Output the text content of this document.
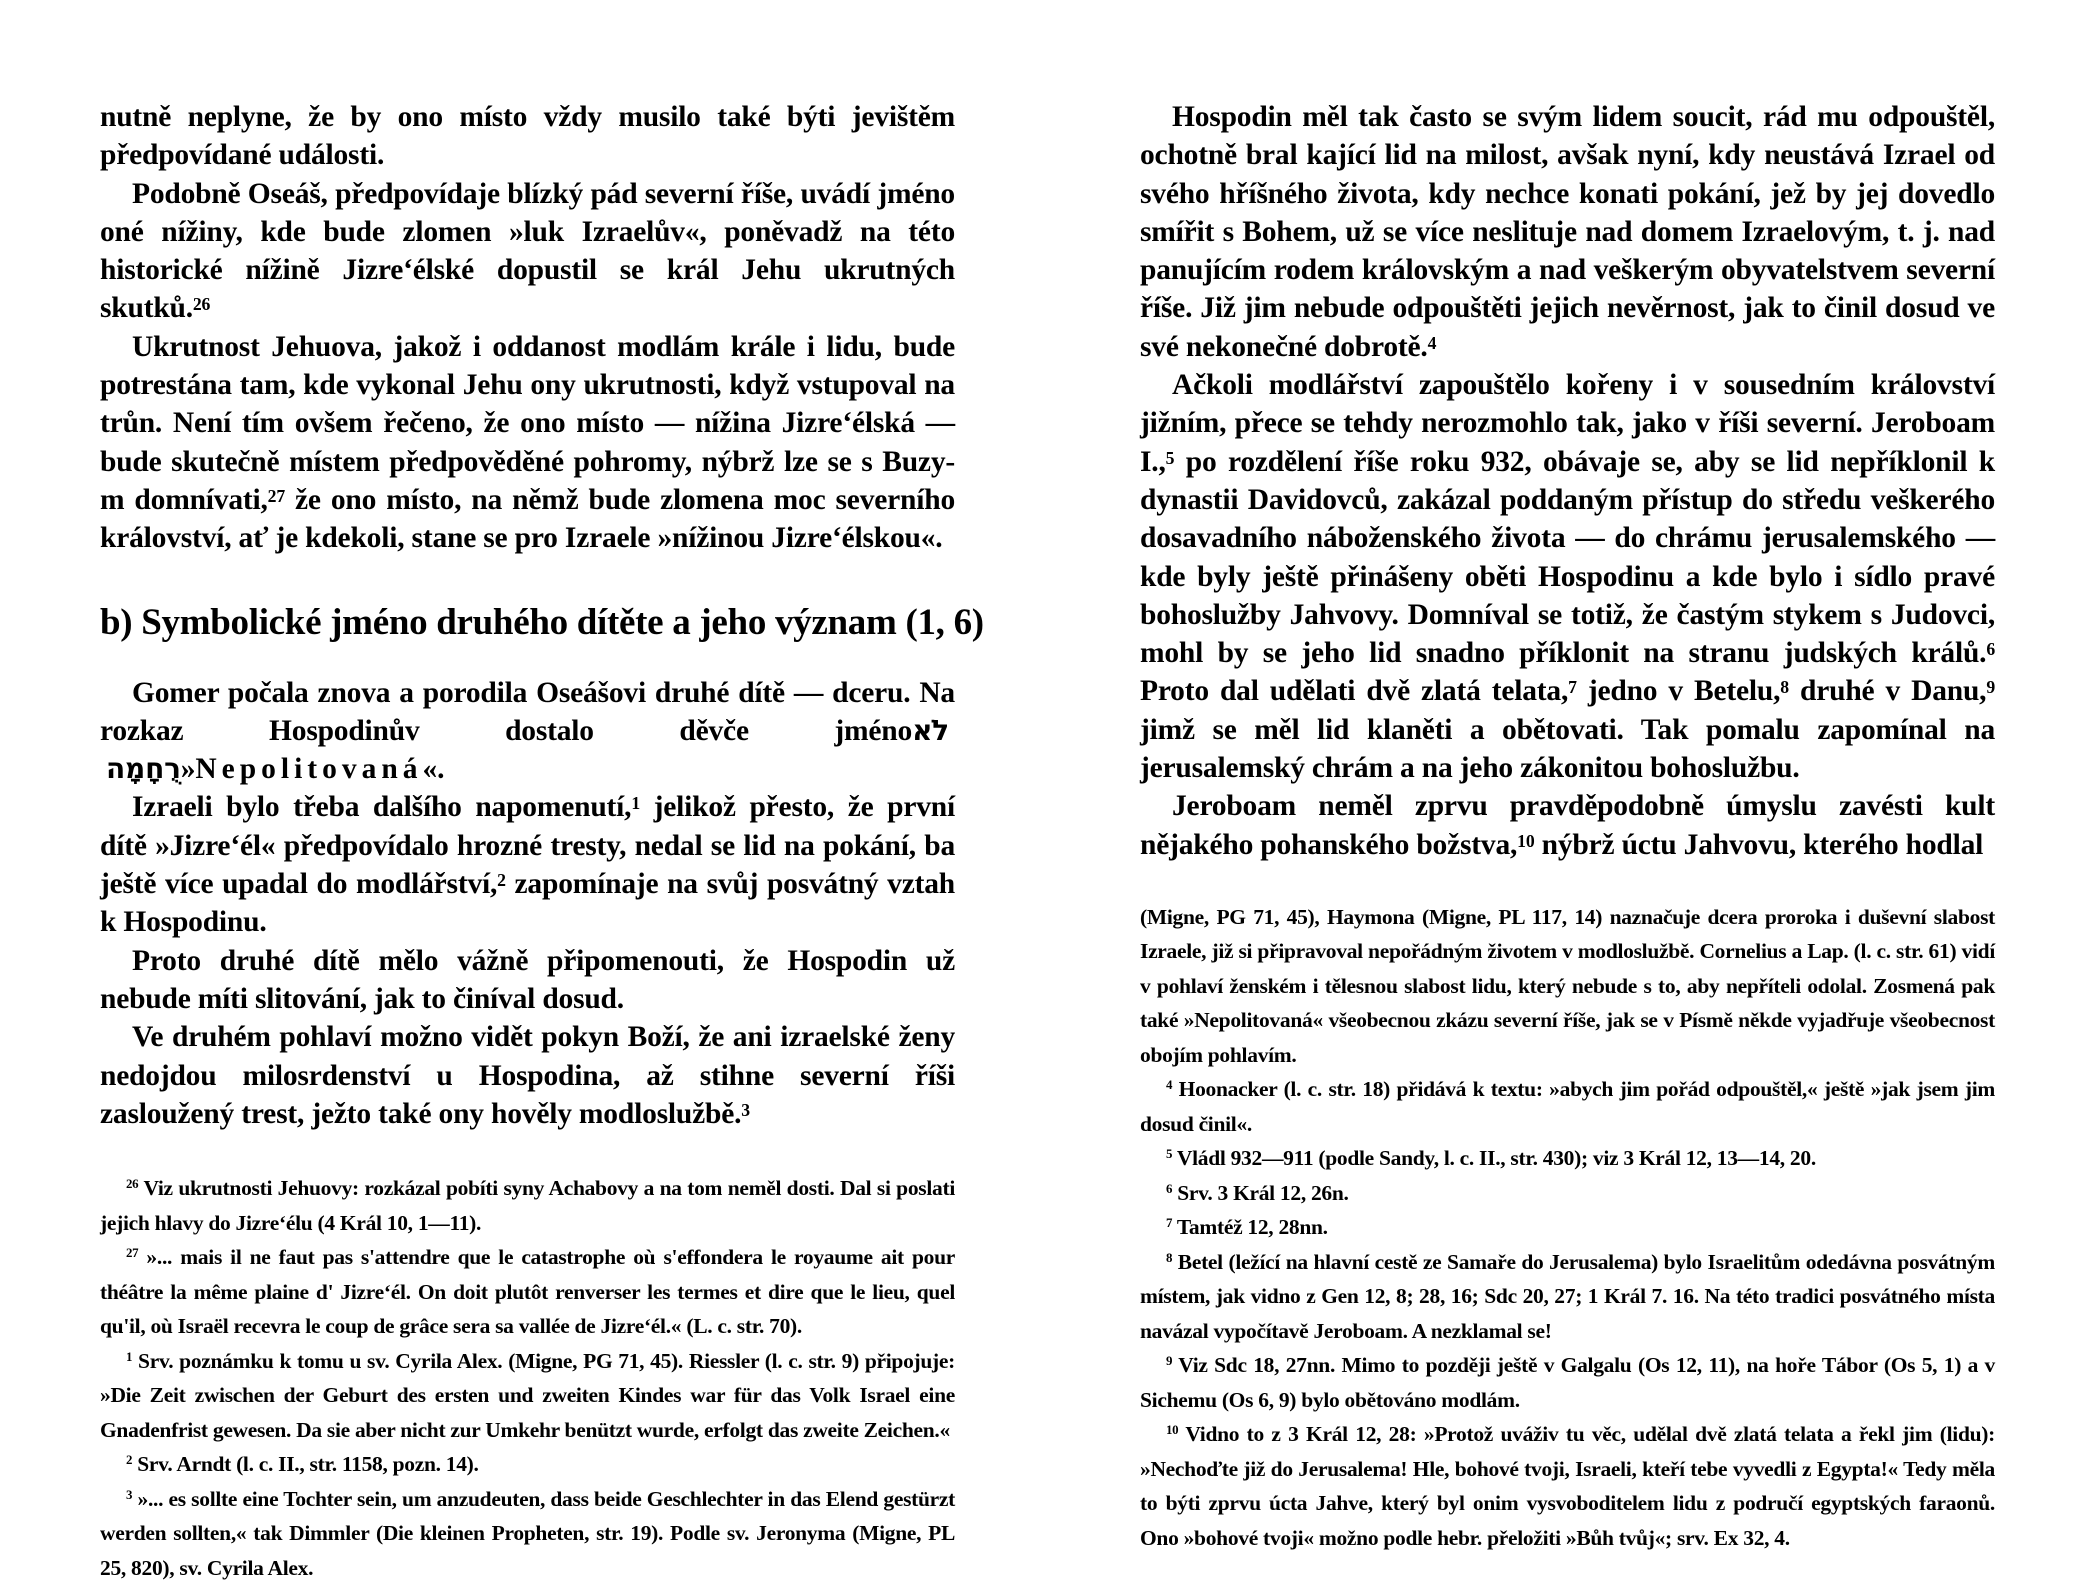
nutně neplyne, že by ono místo vždy musilo také býti jevištěm předpovídané události.

Podobně Oseáš, předpovídaje blízký pád severní říše, uvádí jméno oné nížiny, kde bude zlomen »luk Izraelův«, poněvadž na této historické nížině Jizre‘élské dopustil se král Jehu ukrutných skutků.$^{26}$

Ukrutnost Jehuova, jakož i oddanost modlám krále i lidu, bude potrestána tam, kde vykonal Jehu ony ukrutnosti, když vstupoval na trůn. Není tím ovšem řečeno, že ono místo — nížina Jizre‘élská — bude skutečně místem předpověděné pohromy, nýbrž lze se s Buzy-m domnívati,$^{27}$ že ono místo, na němž bude zlomena moc severního království, ať je kdekoli, stane se pro Izraele »nížinou Jizre‘élskou«.

b) Symbolické jméno druhého dítěte a jeho význam (1, 6)

Gomer počala znova a porodila Oseášovi druhé dítě — dceru. Na rozkaz Hospodinův dostalo děvče jménoלֹא רֻחָמָה»Nepolitovaná«.

Izraeli bylo třeba dalšího napomenutí,$^1$ jelikož přesto, že první dítě »Jizre‘él« předpovídalo hrozné tresty, nedal se lid na pokání, ba ještě více upadal do modlářství,$^2$ zapomínaje na svůj posvátný vztah k Hospodinu.

Proto druhé dítě mělo vážně připomenouti, že Hospodin už nebude míti slitování, jak to činíval dosud.

Ve druhém pohlaví možno vidět pokyn Boží, že ani izraelské ženy nedojdou milosrdenství u Hospodina, až stihne severní říši zasloužený trest, ježto také ony hověly modloslužbě.$^3$

$^{26}$ Viz ukrutnosti Jehuovy: rozkázal pobíti syny Achabovy a na tom neměl dosti. Dal si poslati jejich hlavy do Jizre‘élu (4 Král 10, 1—11).

$^{27}$ »... mais il ne faut pas s'attendre que le catastrophe où s'effondera le royaume ait pour théâtre la même plaine d' Jizre‘él. On doit plutôt renverser les termes et dire que le lieu, quel qu'il, où Israël recevra le coup de grâce sera sa vallée de Jizre‘él.« (L. c. str. 70).

$^1$ Srv. poznámku k tomu u sv. Cyrila Alex. (Migne, PG 71, 45). Riessler (l. c. str. 9) připojuje: »Die Zeit zwischen der Geburt des ersten und zweiten Kindes war für das Volk Israel eine Gnadenfrist gewesen. Da sie aber nicht zur Umkehr benützt wurde, erfolgt das zweite Zeichen.«

$^2$ Srv. Arndt (l. c. II., str. 1158, pozn. 14).

$^3$ »... es sollte eine Tochter sein, um anzudeuten, dass beide Geschlechter in das Elend gestürzt werden sollten,« tak Dimmler (Die kleinen Propheten, str. 19). Podle sv. Jeronyma (Migne, PL 25, 820), sv. Cyrila Alex.

Hospodin měl tak často se svým lidem soucit, rád mu odpouštěl, ochotně bral kající lid na milost, avšak nyní, kdy neustává Izrael od svého hříšného života, kdy nechce konati pokání, jež by jej dovedlo smířit s Bohem, už se více neslituje nad domem Izraelovým, t. j. nad panujícím rodem královským a nad veškerým obyvatelstvem severní říše. Již jim nebude odpouštěti jejich nevěrnost, jak to činil dosud ve své nekonečné dobrotě.$^4$

Ačkoli modlářství zapouštělo kořeny i v sousedním království jižním, přece se tehdy nerozmohlo tak, jako v říši severní. Jeroboam I.,$^5$ po rozdělení říše roku 932, obávaje se, aby se lid nepříklonil k dynastii Davidovců, zakázal poddaným přístup do středu veškerého dosavadního náboženského života — do chrámu jerusalemského — kde byly ještě přinášeny oběti Hospodinu a kde bylo i sídlo pravé bohoslužby Jahvovy. Domníval se totiž, že častým stykem s Judovci, mohl by se jeho lid snadno příklonit na stranu judských králů.$^6$ Proto dal udělati dvě zlatá telata,$^7$ jedno v Betelu,$^8$ druhé v Danu,$^9$ jimž se měl lid klaněti a obětovati. Tak pomalu zapomínal na jerusalemský chrám a na jeho zákonitou bohoslužbu.

Jeroboam neměl zprvu pravděpodobně úmyslu zavésti kult nějakého pohanského božstva,$^{10}$ nýbrž úctu Jahvovu, kterého hodlal

(Migne, PG 71, 45), Haymona (Migne, PL 117, 14) naznačuje dcera proroka i duševní slabost Izraele, již si připravoval nepořádným životem v modloslužbě. Cornelius a Lap. (l. c. str. 61) vidí v pohlaví ženském i tělesnou slabost lidu, který nebude s to, aby nepříteli odolal. Zosmená pak také »Nepolitovaná« všeobecnou zkázu severní říše, jak se v Písmě někde vyjadřuje všeobecnost obojím pohlavím.

$^4$ Hoonacker (l. c. str. 18) přidává k textu: »abych jim pořád odpouštěl,« ještě »jak jsem jim dosud činil«.

$^5$ Vládl 932—911 (podle Sandy, l. c. II., str. 430); viz 3 Král 12, 13—14, 20.

$^6$ Srv. 3 Král 12, 26n.

$^7$ Tamtéž 12, 28nn.

$^8$ Betel (ležící na hlavní cestě ze Samaře do Jerusalema) bylo Israelitům odedávna posvátným místem, jak vidno z Gen 12, 8; 28, 16; Sdc 20, 27; 1 Král 7. 16. Na této tradici posvátného místa navázal vypočítavě Jeroboam. A nezklamal se!

$^9$ Viz Sdc 18, 27nn. Mimo to později ještě v Galgalu (Os 12, 11), na hoře Tábor (Os 5, 1) a v Sichemu (Os 6, 9) bylo obětováno modlám.

$^{10}$ Vidno to z 3 Král 12, 28: »Protož uváživ tu věc, udělal dvě zlatá telata a řekl jim (lidu): »Nechoďte již do Jerusalema! Hle, bohové tvoji, Israeli, kteří tebe vyvedli z Egypta!« Tedy měla to býti zprvu úcta Jahve, který byl onim vysvoboditelem lidu z područí egyptských faraonů. Ono »bohové tvoji« možno podle hebr. přeložiti »Bůh tvůj«; srv. Ex 32, 4.
